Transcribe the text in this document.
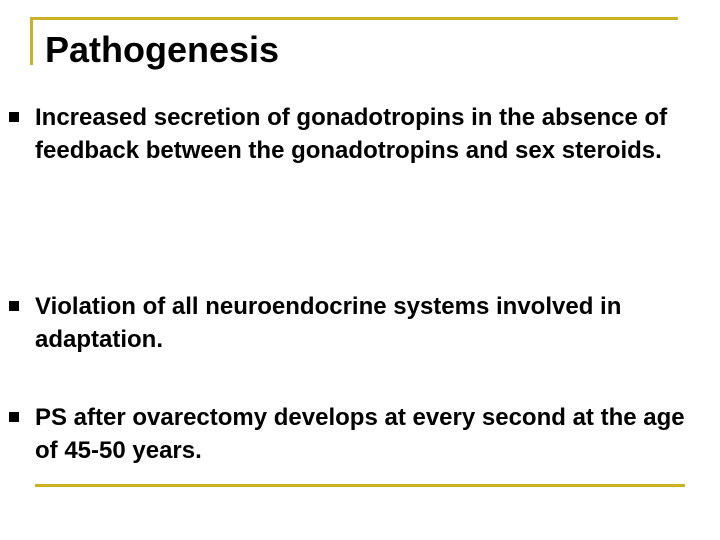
Pathogenesis
Increased secretion of gonadotropins in the absence of feedback between the gonadotropins and sex steroids.
Violation of all neuroendocrine systems involved in adaptation.
PS after ovarectomy develops at every second at the age of 45-50 years.
